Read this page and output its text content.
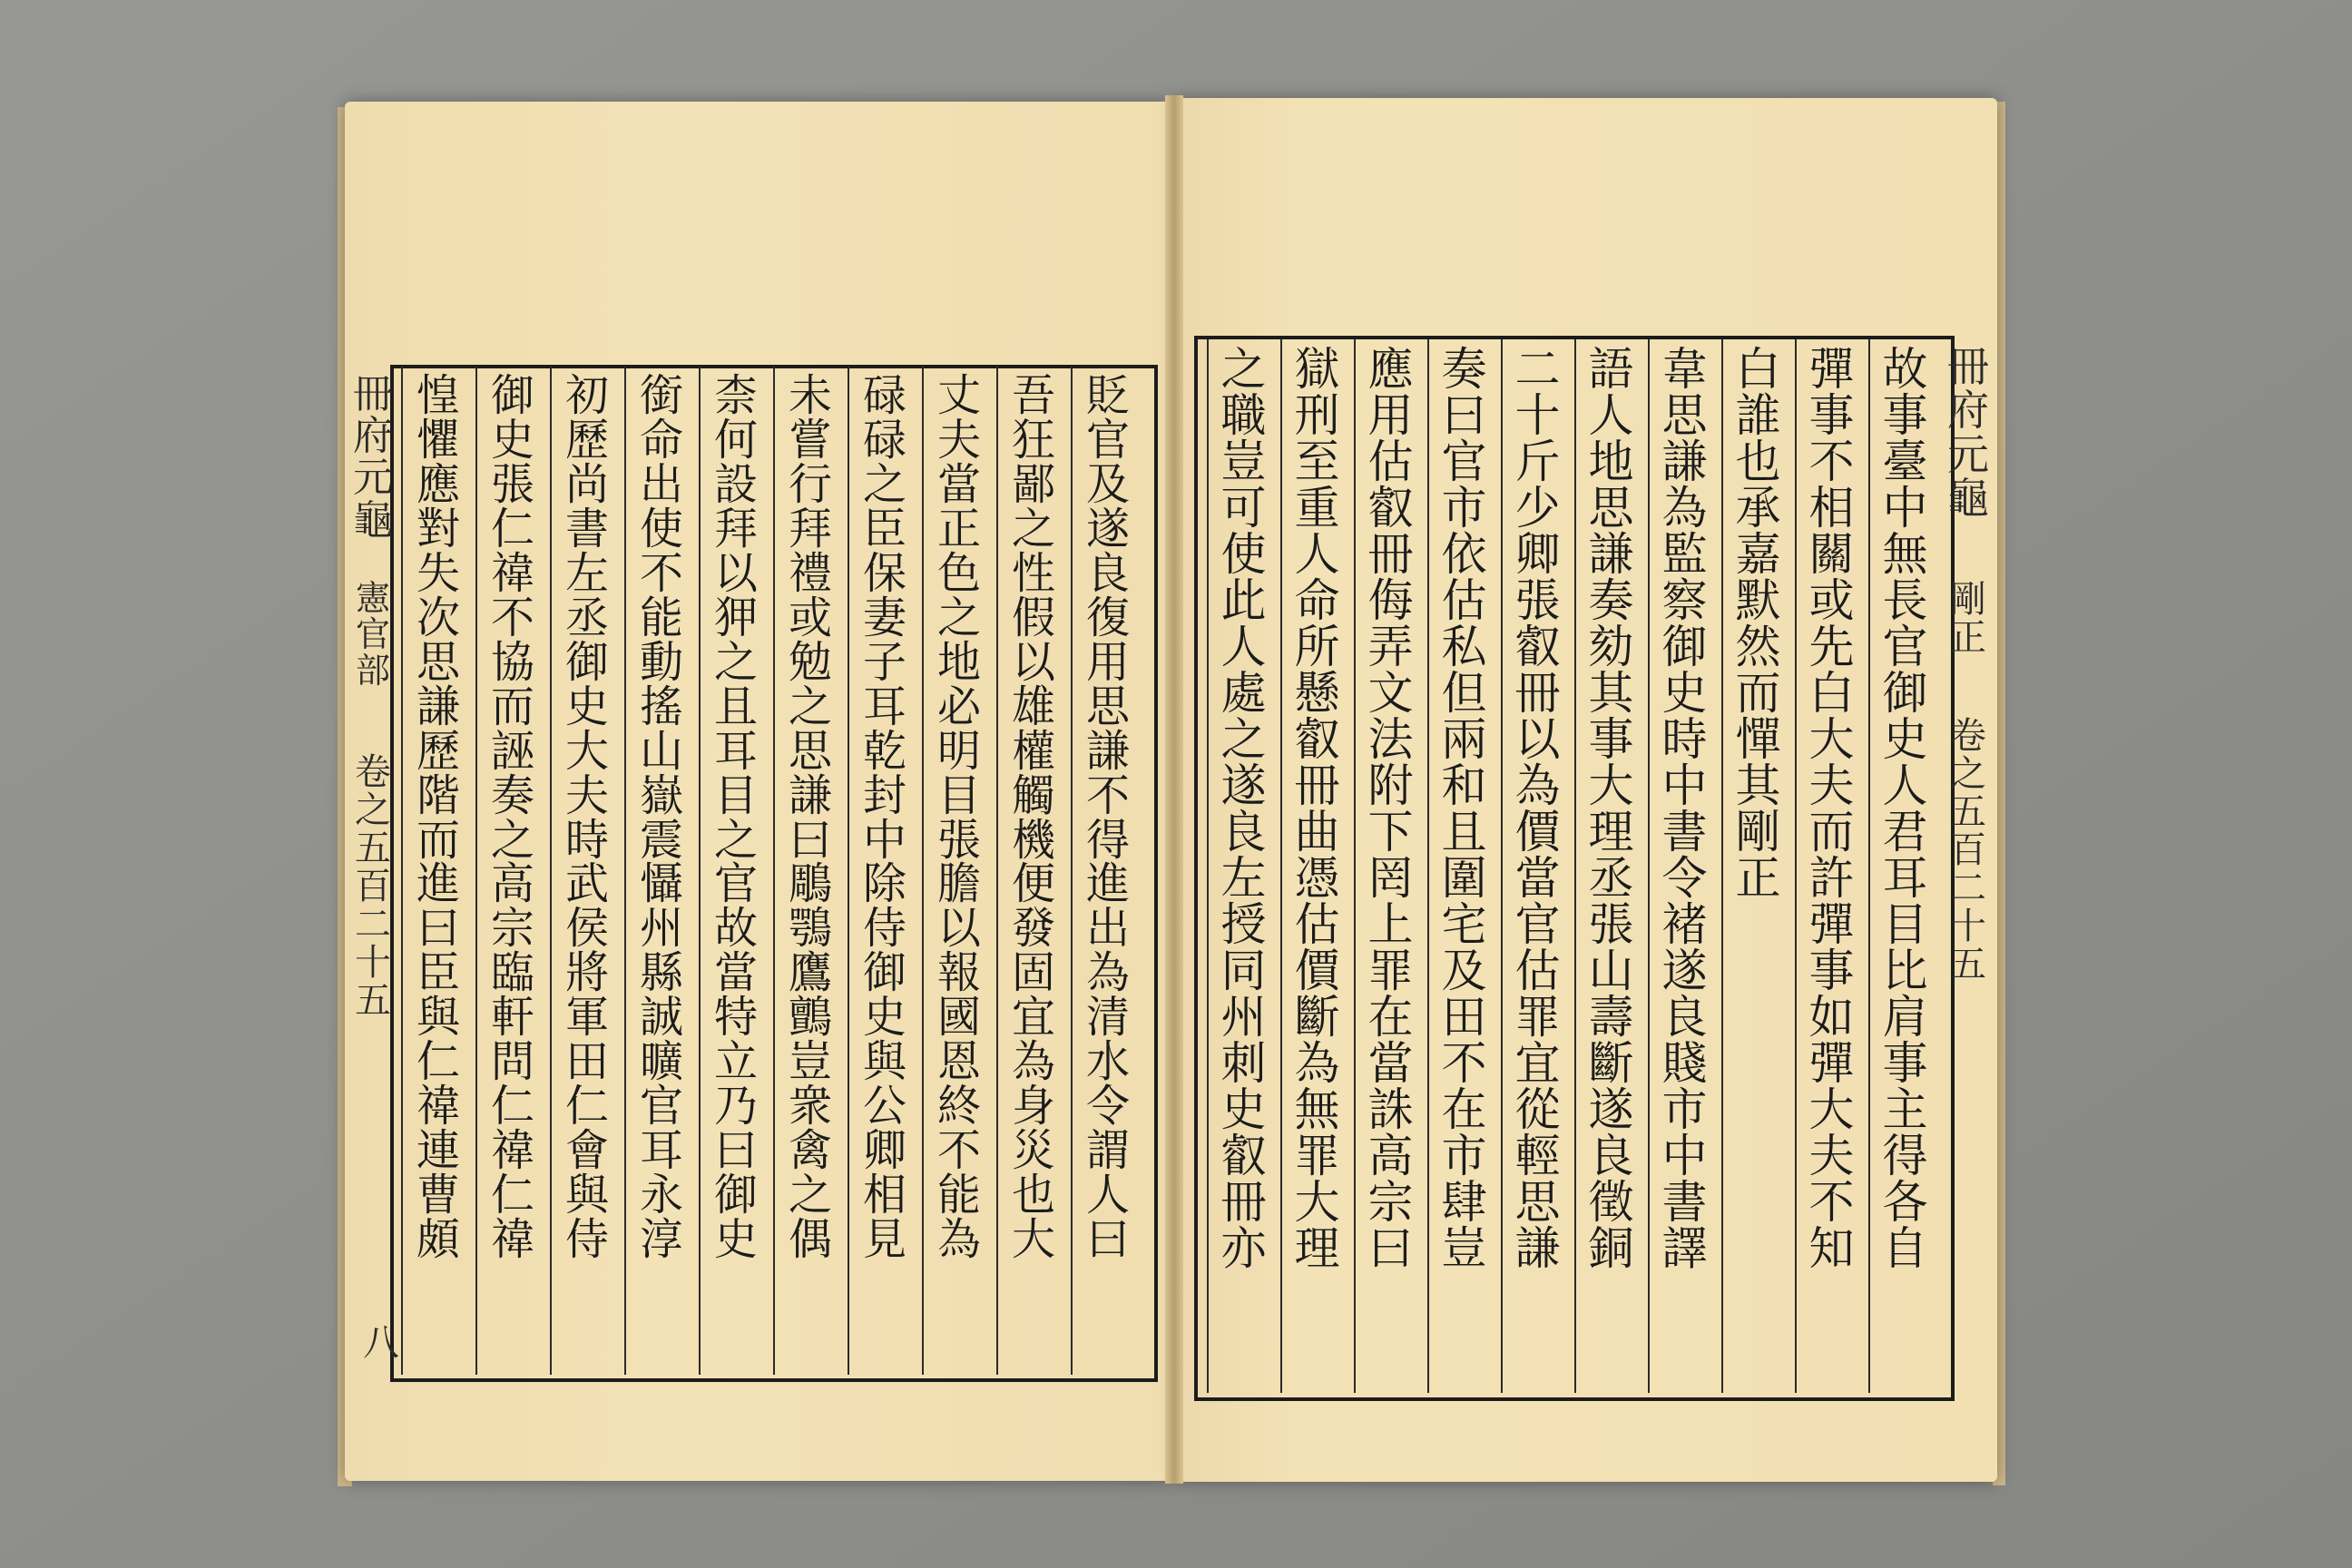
冊府元龜
憲官部
卷之五百二十五
八
貶官及遂良復用思謙不得進出為清水令謂人曰
吾狂鄙之性假以雄權觸機便發固宜為身災也大
丈夫當正色之地必明目張膽以報國恩終不能為
碌碌之臣保妻子耳乾封中除侍御史與公卿相見
未嘗行拜禮或勉之思謙曰鵰鶚鷹鸇豈衆禽之偶
柰何設拜以狎之且耳目之官故當特立乃曰御史
銜命出使不能動搖山嶽震懾州縣誠曠官耳永淳
初歷尚書左丞御史大夫時武侯將軍田仁會與侍
御史張仁禕不協而誣奏之高宗臨軒問仁禕仁禕
惶懼應對失次思謙歷階而進曰臣與仁禕連曹頗
冊府元龜
剛正
卷之五百二十五
故事臺中無長官御史人君耳目比肩事主得各自
彈事不相關或先白大夫而許彈事如彈大夫不知
白誰也承嘉默然而憚其剛正
韋思謙為監察御史時中書令褚遂良賤市中書譯
語人地思謙奏劾其事大理丞張山壽斷遂良徵銅
二十斤少卿張叡冊以為價當官估罪宜從輕思謙
奏曰官市依估私但兩和且圍宅及田不在市肆豈
應用估叡冊侮弄文法附下罔上罪在當誅高宗曰
獄刑至重人命所懸叡冊曲憑估價斷為無罪大理
之職豈可使此人處之遂良左授同州刺史叡冊亦
